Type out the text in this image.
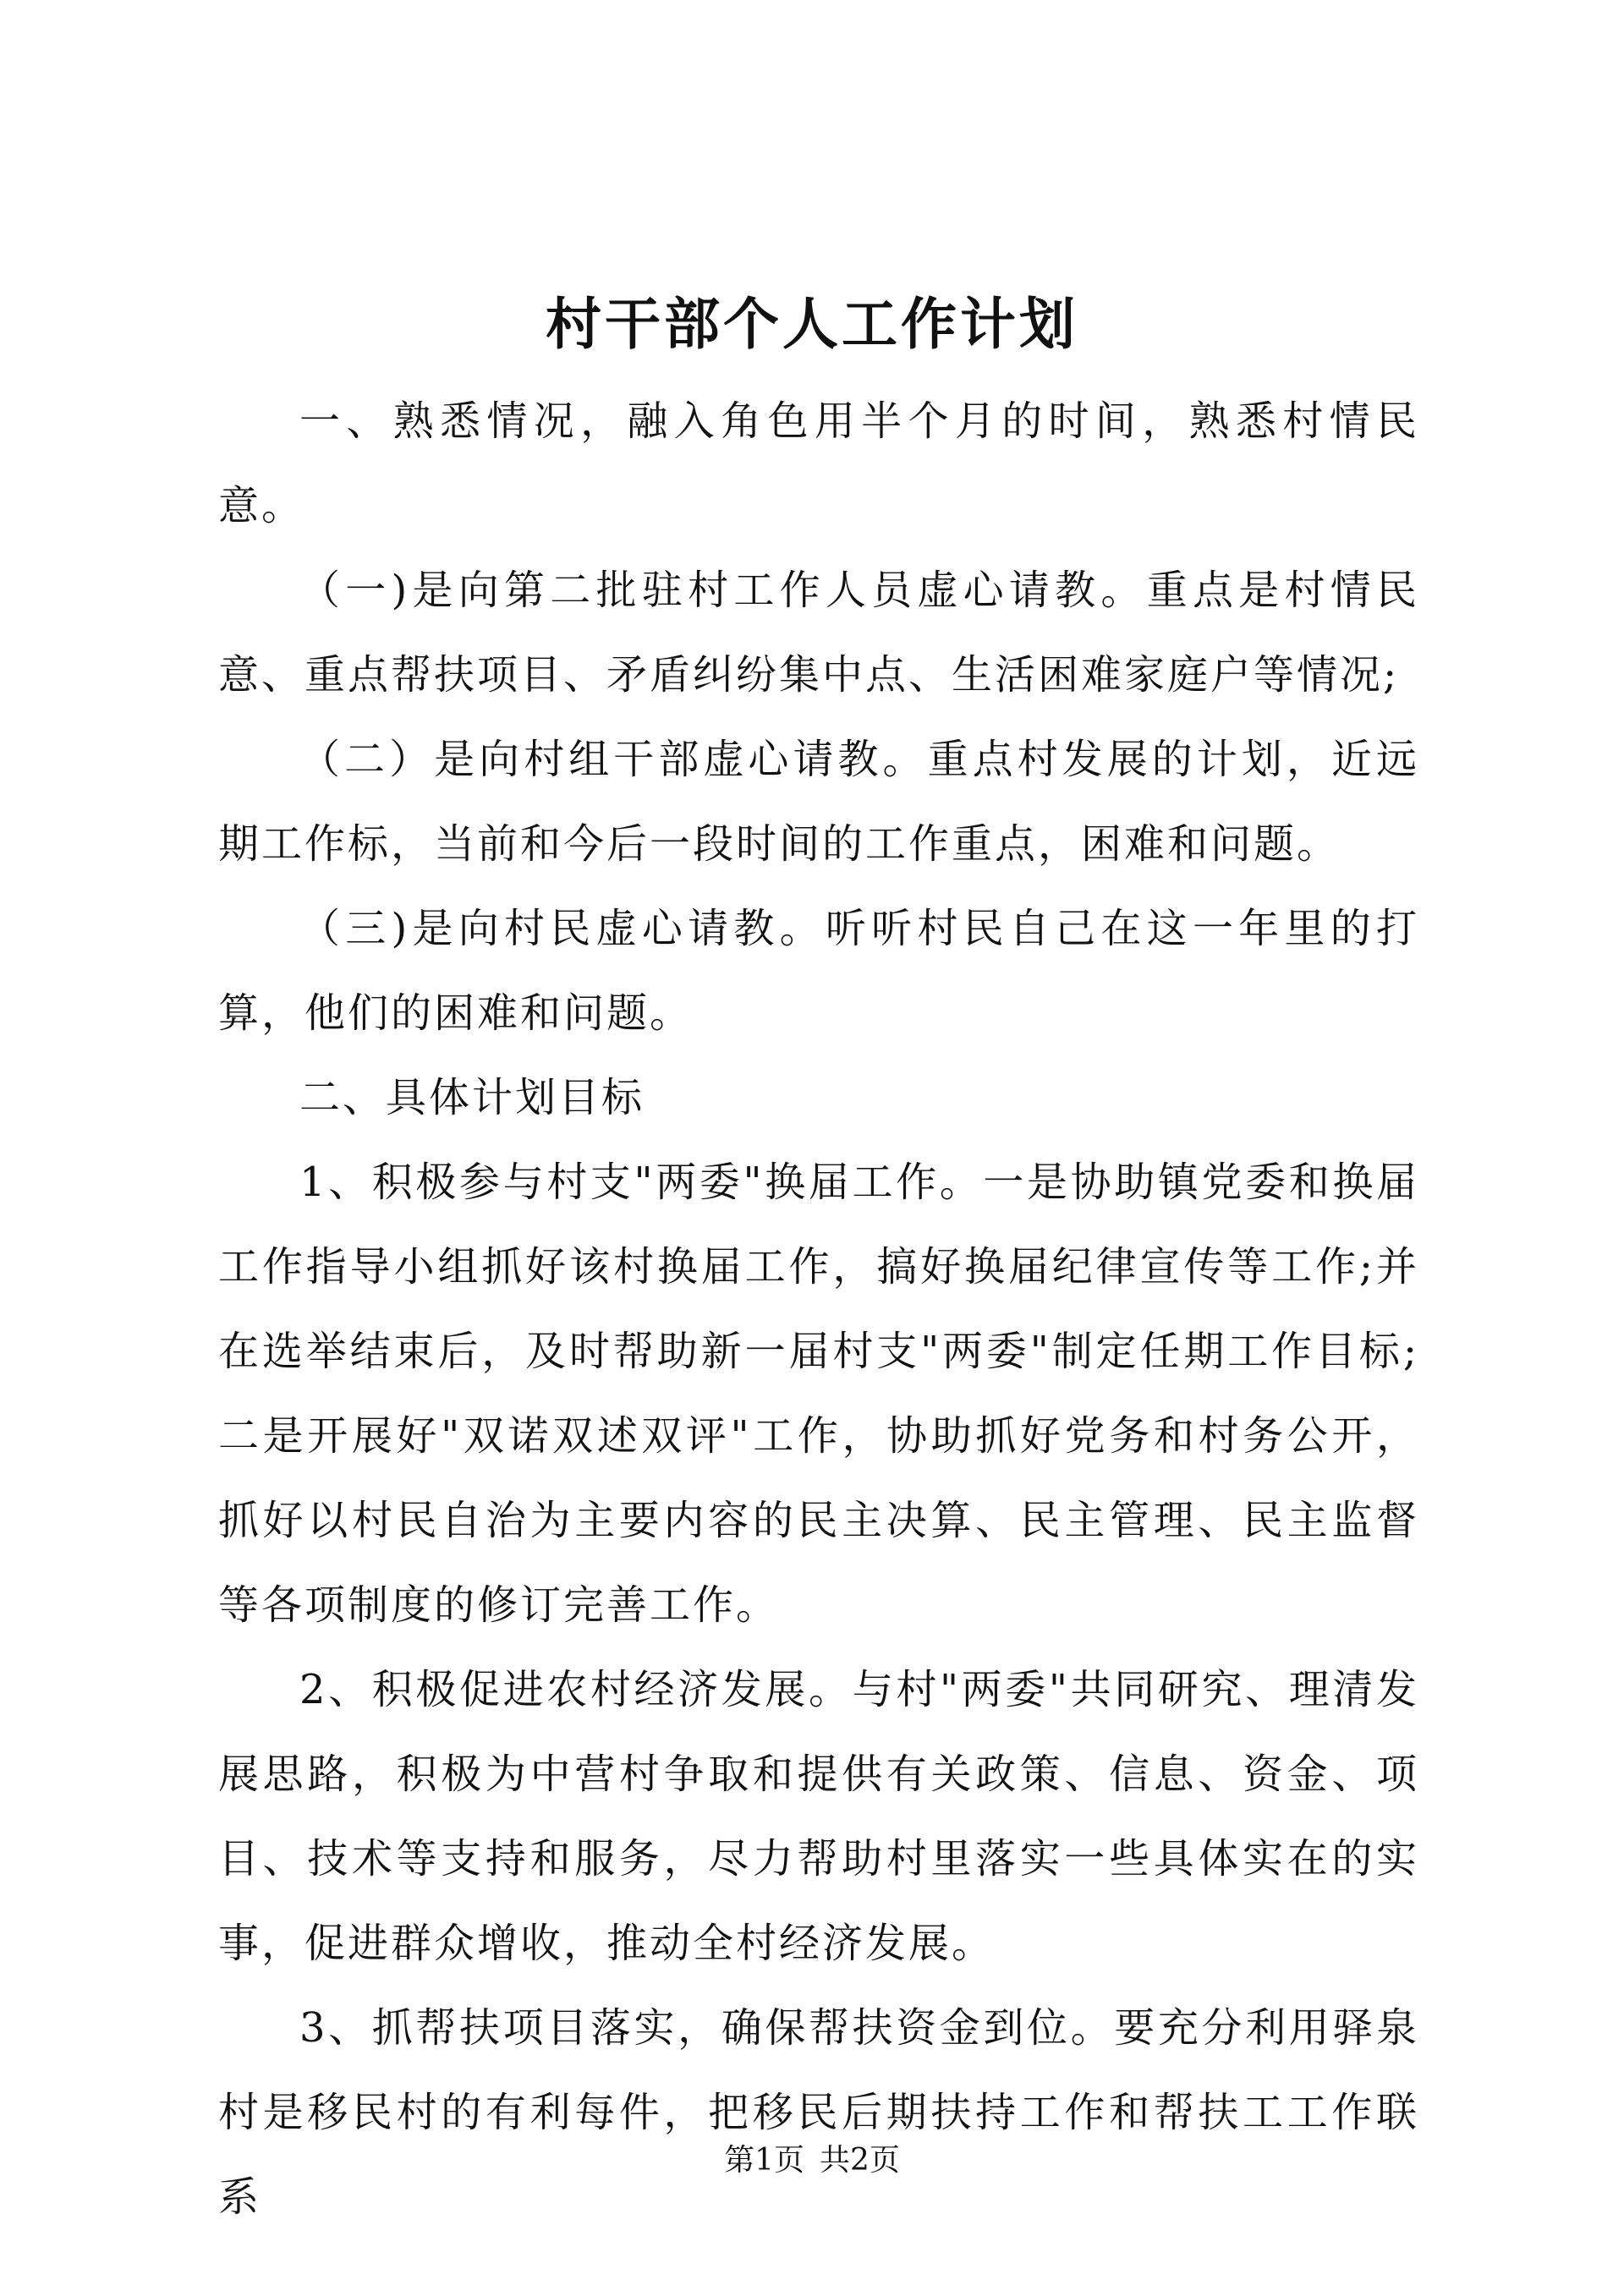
村干部个人工作计划

一、熟悉情况，融入角色用半个月的时间，熟悉村情民意。

（一)是向第二批驻村工作人员虚心请教。重点是村情民意、重点帮扶项目、矛盾纠纷集中点、生活困难家庭户等情况;

（二）是向村组干部虚心请教。重点村发展的计划，近远期工作标，当前和今后一段时间的工作重点，困难和问题。

（三)是向村民虚心请教。听听村民自己在这一年里的打算，他们的困难和问题。

二、具体计划目标

1、积极参与村支"两委"换届工作。一是协助镇党委和换届工作指导小组抓好该村换届工作，搞好换届纪律宣传等工作;并在选举结束后，及时帮助新一届村支"两委"制定任期工作目标;二是开展好"双诺双述双评"工作，协助抓好党务和村务公开，抓好以村民自治为主要内容的民主决算、民主管理、民主监督等各项制度的修订完善工作。

2、积极促进农村经济发展。与村"两委"共同研究、理清发展思路，积极为中营村争取和提供有关政策、信息、资金、项目、技术等支持和服务，尽力帮助村里落实一些具体实在的实事，促进群众增收，推动全村经济发展。

3、抓帮扶项目落实，确保帮扶资金到位。要充分利用驿泉村是移民村的有利每件，把移民后期扶持工作和帮扶工工作联系

第1页 共2页
